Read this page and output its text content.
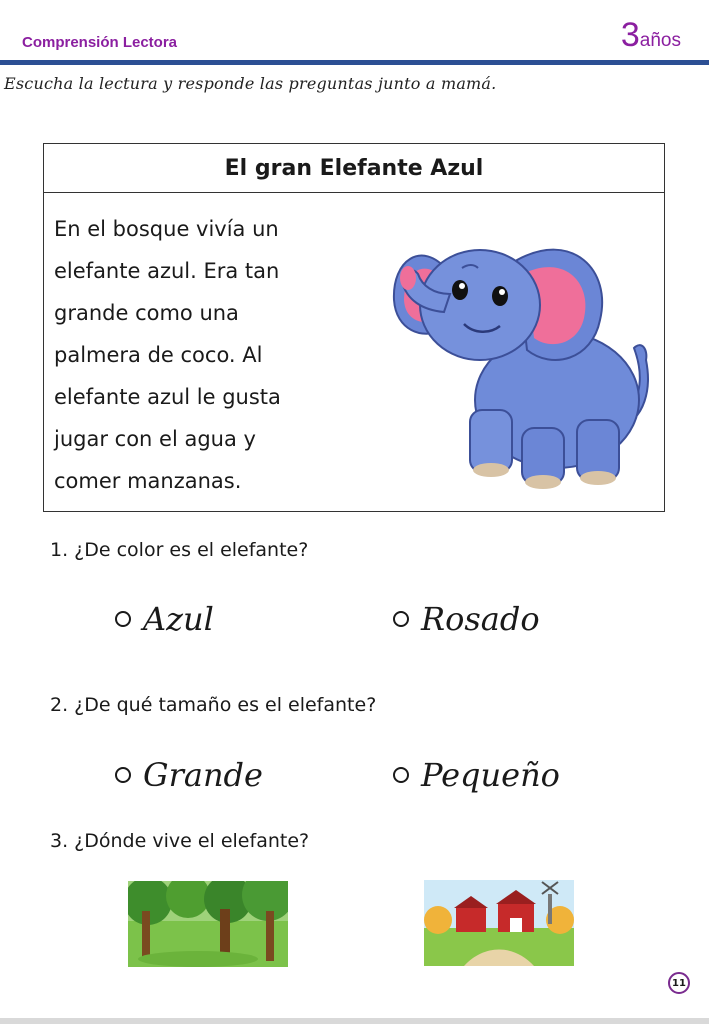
Comprensión Lectora	3años
Escucha la lectura y responde las preguntas junto a mamá.
El gran Elefante Azul
En el bosque vivía un
elefante azul. Era tan
grande como una
palmera de coco. Al
elefante azul le gusta
jugar con el agua y
comer manzanas.
1. ¿De color es el elefante?
Azul	Rosado
2. ¿De qué tamaño es el elefante?
Grande	Pequeño
3. ¿Dónde vive el elefante?
11
